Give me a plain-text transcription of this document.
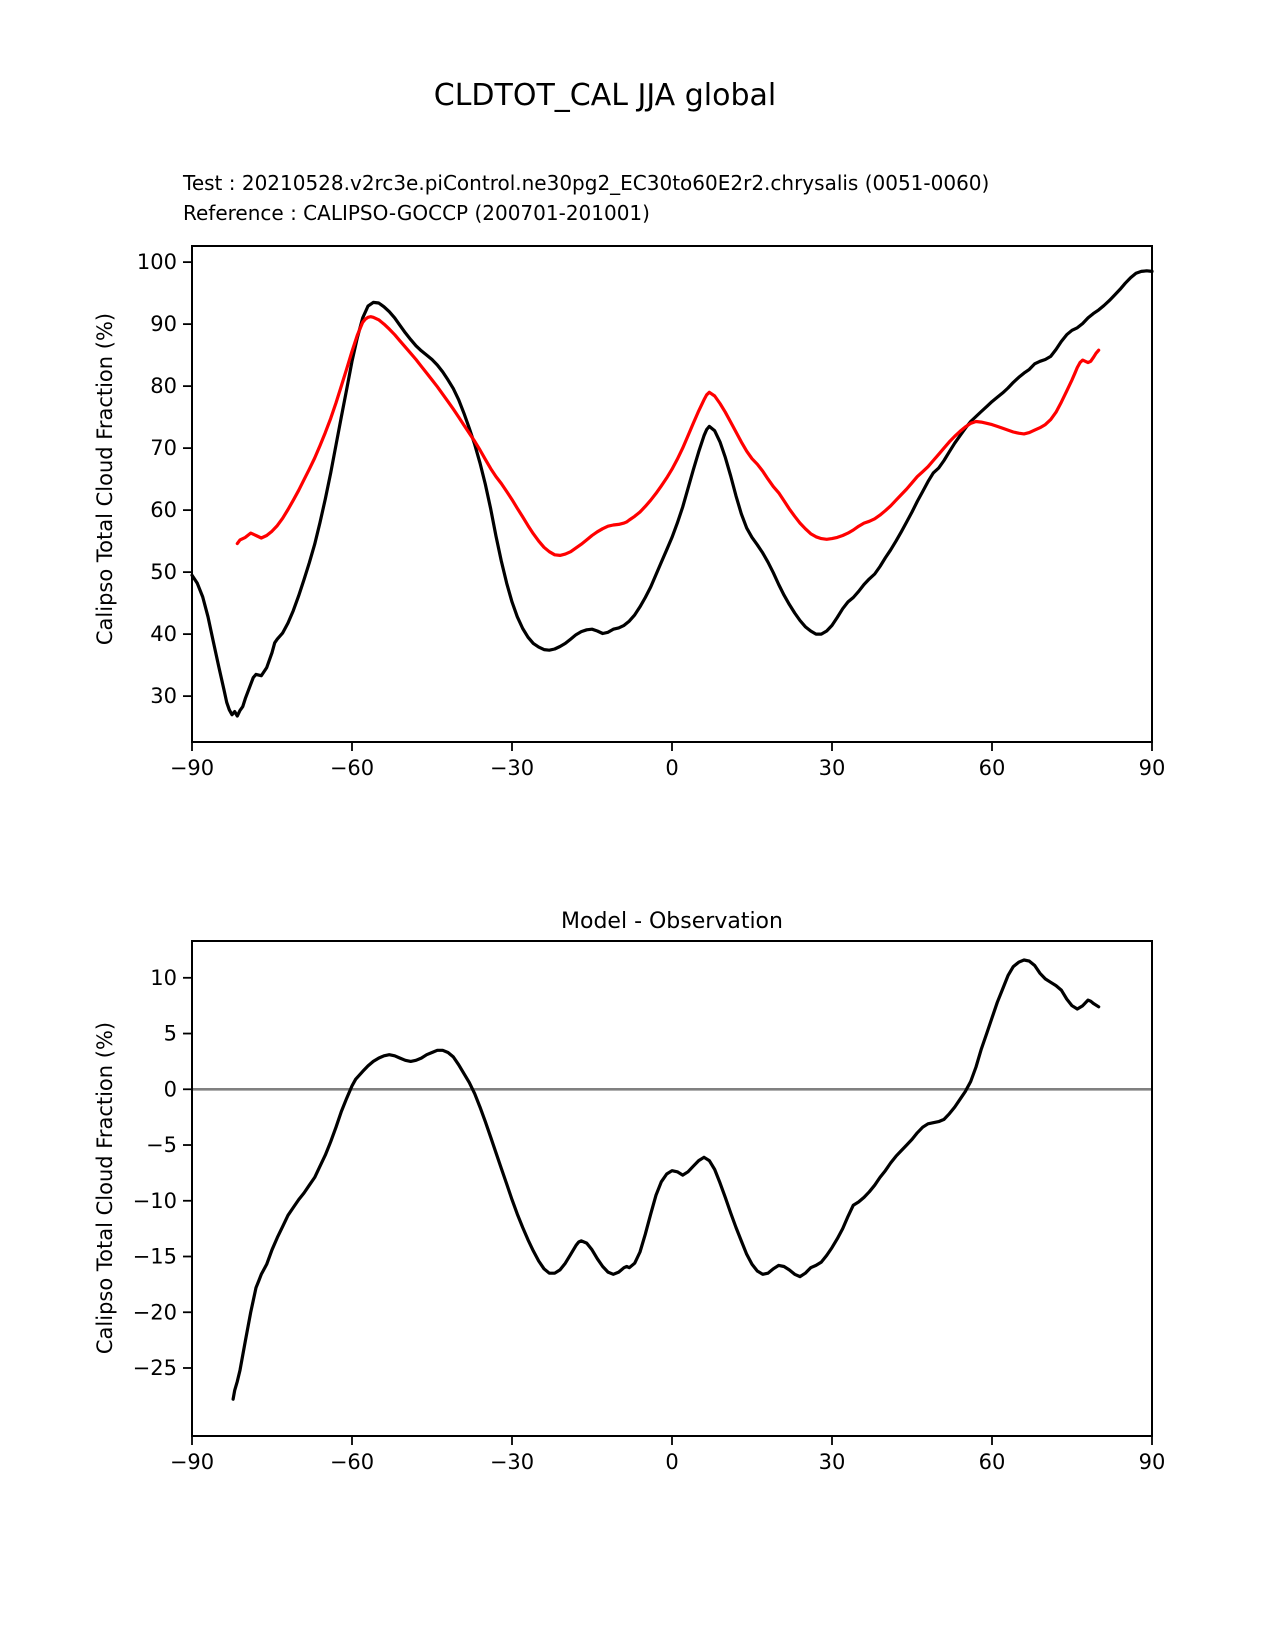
CLDTOT_CAL JJA global
Test : 20210528.v2rc3e.piControl.ne30pg2_EC30to60E2r2.chrysalis (0051-0060)
Reference : CALIPSO-GOCCP (200701-201001)
Calipso Total Cloud Fraction (%)
Model - Observation
Calipso Total Cloud Fraction (%)
−90	−60	−30	0	30	60	90
30
40
50
60
70
80
90
100
−90	−60	−30	0	30	60	90
−25
−20
−15
−10
−5
0
5
10
